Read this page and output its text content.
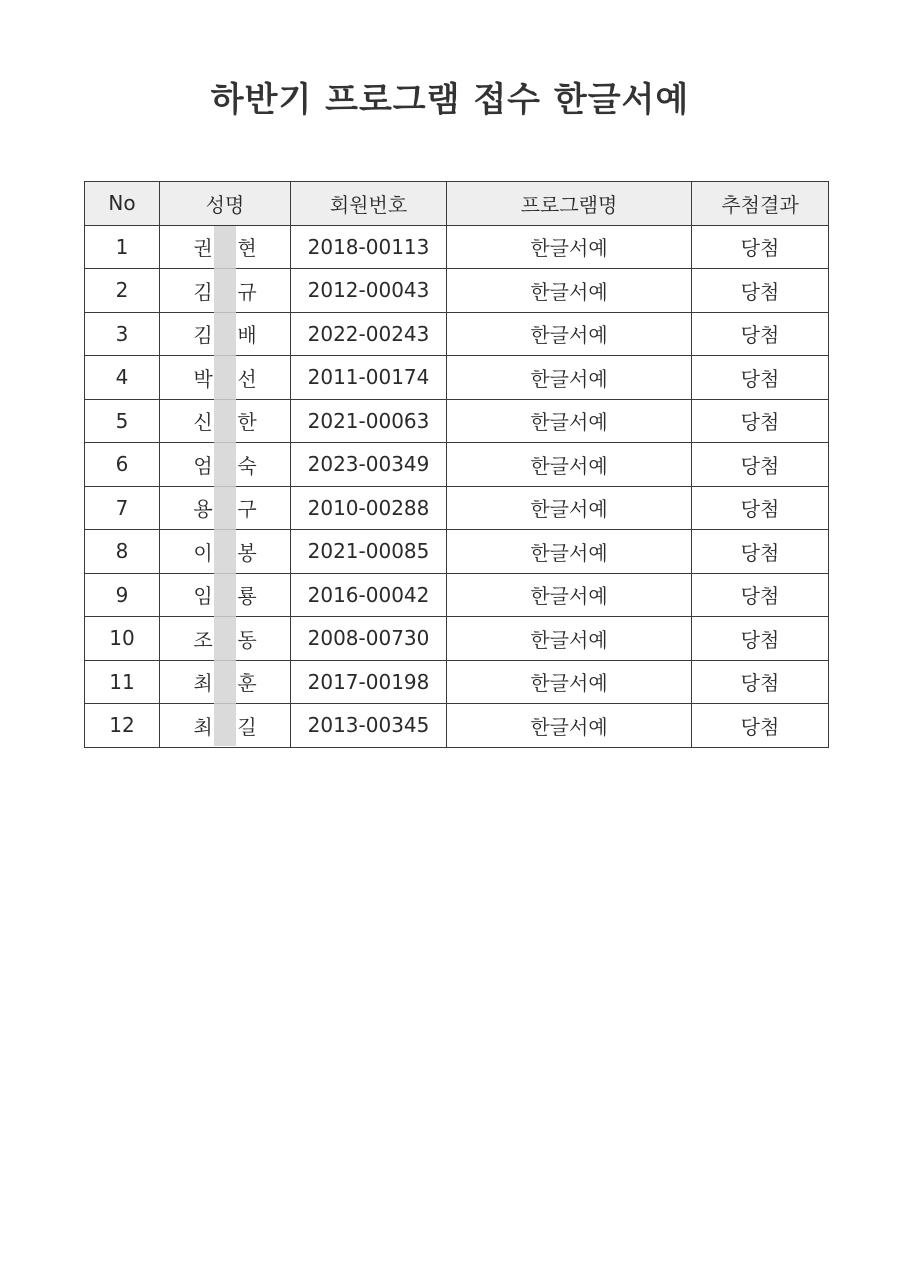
하반기 프로그램 접수 한글서예
No	성명	회원번호	프로그램명	추첨결과
1	권 현	2018-00113	한글서예	당첨
2	김 규	2012-00043	한글서예	당첨
3	김 배	2022-00243	한글서예	당첨
4	박 선	2011-00174	한글서예	당첨
5	신 한	2021-00063	한글서예	당첨
6	엄 숙	2023-00349	한글서예	당첨
7	용 구	2010-00288	한글서예	당첨
8	이 봉	2021-00085	한글서예	당첨
9	임 룡	2016-00042	한글서예	당첨
10	조 동	2008-00730	한글서예	당첨
11	최 훈	2017-00198	한글서예	당첨
12	최 길	2013-00345	한글서예	당첨
